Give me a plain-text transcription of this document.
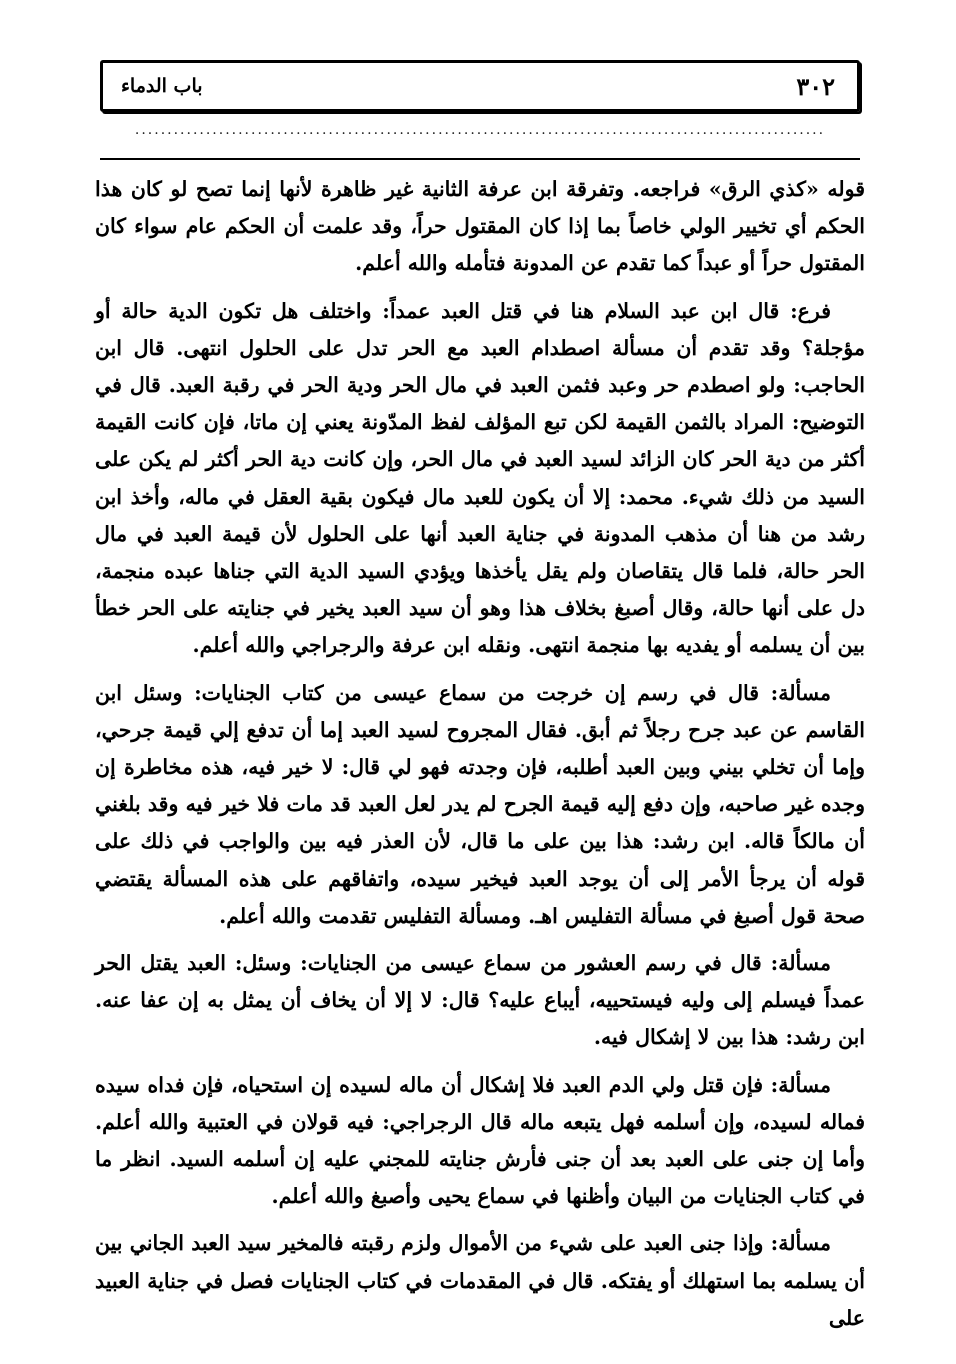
٣٠٢
باب الدماء
...........................................................................................................

قوله «كذي الرق» فراجعه. وتفرقة ابن عرفة الثانية غير ظاهرة لأنها إنما تصح لو كان هذا الحكم أي تخيير الولي خاصاً بما إذا كان المقتول حراً، وقد علمت أن الحكم عام سواء كان المقتول حراً أو عبداً كما تقدم عن المدونة فتأمله والله أعلم.

فرع: قال ابن عبد السلام هنا في قتل العبد عمداً: واختلف هل تكون الدية حالة أو مؤجلة؟ وقد تقدم أن مسألة اصطدام العبد مع الحر تدل على الحلول انتهى. قال ابن الحاجب: ولو اصطدم حر وعبد فثمن العبد في مال الحر ودية الحر في رقبة العبد. قال في التوضيح: المراد بالثمن القيمة لكن تبع المؤلف لفظ المدّونة يعني إن ماتا، فإن كانت القيمة أكثر من دية الحر كان الزائد لسيد العبد في مال الحر، وإن كانت دية الحر أكثر لم يكن على السيد من ذلك شيء. محمد: إلا أن يكون للعبد مال فيكون بقية العقل في ماله، وأخذ ابن رشد من هنا أن مذهب المدونة في جناية العبد أنها على الحلول لأن قيمة العبد في مال الحر حالة، فلما قال يتقاصان ولم يقل يأخذها ويؤدي السيد الدية التي جناها عبده منجمة، دل على أنها حالة، وقال أصبغ بخلاف هذا وهو أن سيد العبد يخير في جنايته على الحر خطأ بين أن يسلمه أو يفديه بها منجمة انتهى. ونقله ابن عرفة والرجراجي والله أعلم.

مسألة: قال في رسم إن خرجت من سماع عيسى من كتاب الجنايات: وسئل ابن القاسم عن عبد جرح رجلاً ثم أبق. فقال المجروح لسيد العبد إما أن تدفع إلي قيمة جرحي، وإما أن تخلي بيني وبين العبد أطلبه، فإن وجدته فهو لي قال: لا خير فيه، هذه مخاطرة إن وجده غير صاحبه، وإن دفع إليه قيمة الجرح لم يدر لعل العبد قد مات فلا خير فيه وقد بلغني أن مالكاً قاله. ابن رشد: هذا بين على ما قال، لأن العذر فيه بين والواجب في ذلك على قوله أن يرجأ الأمر إلى أن يوجد العبد فيخير سيده، واتفاقهم على هذه المسألة يقتضي صحة قول أصبغ في مسألة التفليس اهـ. ومسألة التفليس تقدمت والله أعلم.

مسألة: قال في رسم العشور من سماع عيسى من الجنايات: وسئل: العبد يقتل الحر عمداً فيسلم إلى وليه فيستحييه، أيباع عليه؟ قال: لا إلا أن يخاف أن يمثل به إن عفا عنه. ابن رشد: هذا بين لا إشكال فيه.

مسألة: فإن قتل ولي الدم العبد فلا إشكال أن ماله لسيده إن استحياه، فإن فداه سيده فماله لسيده، وإن أسلمه فهل يتبعه ماله قال الرجراجي: فيه قولان في العتبية والله أعلم. وأما إن جنى على العبد بعد أن جنى فأرش جنايته للمجني عليه إن أسلمه السيد. انظر ما في كتاب الجنايات من البيان وأظنها في سماع يحيى وأصبغ والله أعلم.

مسألة: وإذا جنى العبد على شيء من الأموال ولزم رقبته فالمخير سيد العبد الجاني بين أن يسلمه بما استهلك أو يفتكه. قال في المقدمات في كتاب الجنايات فصل في جناية العبيد على
